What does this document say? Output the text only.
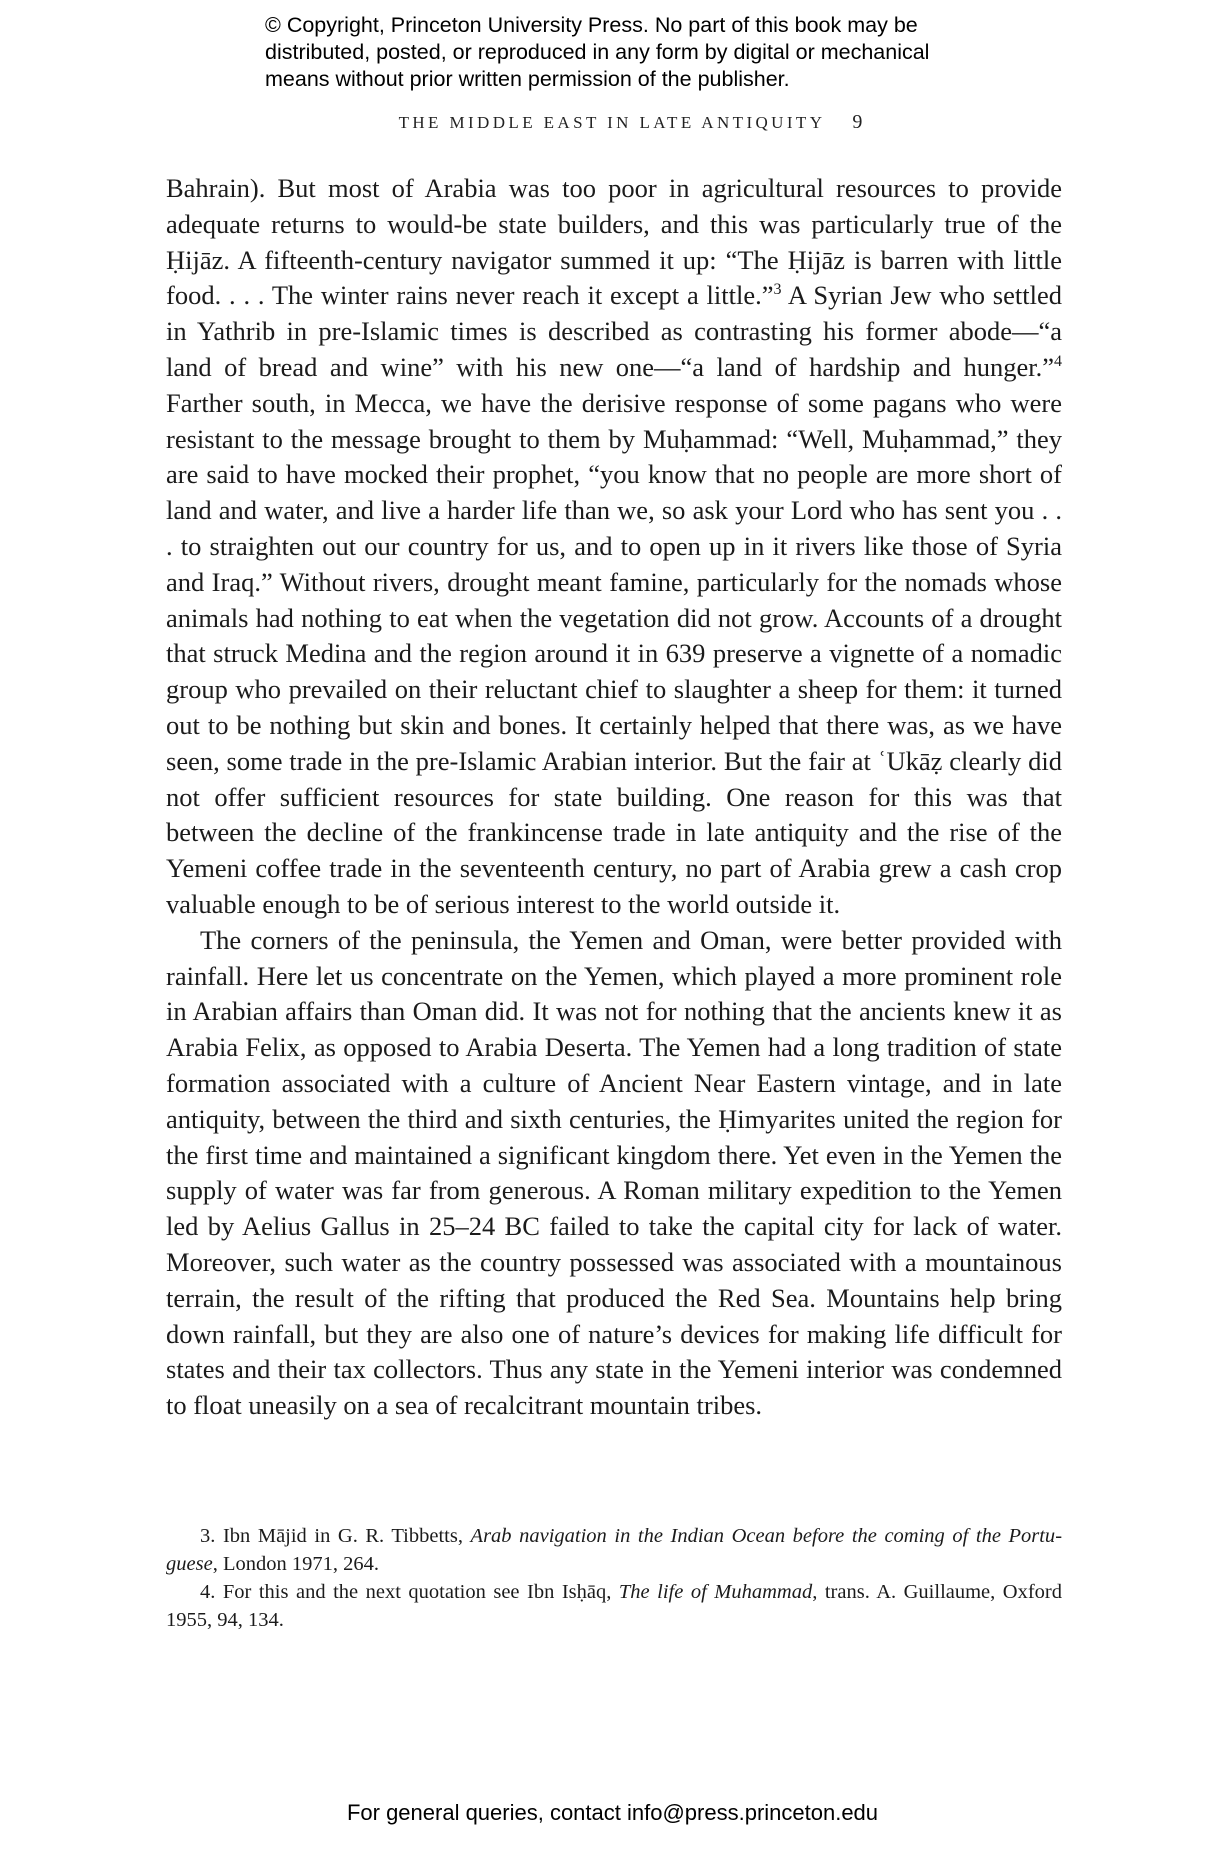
© Copyright, Princeton University Press. No part of this book may be
distributed, posted, or reproduced in any form by digital or mechanical
means without prior written permission of the publisher.
THE MIDDLE EAST IN LATE ANTIQUITY 9

Bahrain). But most of Arabia was too poor in agricultural resources to provide adequate returns to would-be state builders, and this was particularly true of the Ḥijāz. A fifteenth-century navigator summed it up: “The Ḥijāz is barren with little food. . . . The winter rains never reach it except a little.”$^3$ A Syrian Jew who settled in Yathrib in pre-Islamic times is described as contrasting his former abode—“a land of bread and wine” with his new one—“a land of hardship and hunger.”$^4$ Farther south, in Mecca, we have the derisive response of some pagans who were resistant to the message brought to them by Muḥammad: “Well, Muḥammad,” they are said to have mocked their prophet, “you know that no people are more short of land and water, and live a harder life than we, so ask your Lord who has sent you . . . to straighten out our country for us, and to open up in it rivers like those of Syria and Iraq.” Without rivers, drought meant famine, particularly for the nomads whose animals had nothing to eat when the vegetation did not grow. Accounts of a drought that struck Medina and the region around it in 639 preserve a vignette of a nomadic group who prevailed on their reluctant chief to slaughter a sheep for them: it turned out to be nothing but skin and bones. It certainly helped that there was, as we have seen, some trade in the pre-Islamic Arabian interior. But the fair at ʿUkāẓ clearly did not offer sufficient resources for state building. One reason for this was that between the decline of the frankincense trade in late antiquity and the rise of the Yemeni coffee trade in the seventeenth century, no part of Arabia grew a cash crop valuable enough to be of serious interest to the world outside it.

The corners of the peninsula, the Yemen and Oman, were better provided with rainfall. Here let us concentrate on the Yemen, which played a more prominent role in Arabian affairs than Oman did. It was not for nothing that the ancients knew it as Arabia Felix, as opposed to Arabia Deserta. The Yemen had a long tradition of state formation associated with a culture of Ancient Near Eastern vintage, and in late antiquity, between the third and sixth centuries, the Ḥimyarites united the region for the first time and maintained a significant kingdom there. Yet even in the Yemen the supply of water was far from generous. A Roman military expedition to the Yemen led by Aelius Gallus in 25–24 BC failed to take the capital city for lack of water. Moreover, such water as the country possessed was associated with a mountainous terrain, the result of the rifting that produced the Red Sea. Mountains help bring down rainfall, but they are also one of nature’s devices for making life difficult for states and their tax collectors. Thus any state in the Yemeni interior was condemned to float uneasily on a sea of recalcitrant mountain tribes.

3. Ibn Mājid in G. R. Tibbetts, Arab navigation in the Indian Ocean before the coming of the Portuguese, London 1971, 264.

4. For this and the next quotation see Ibn Isḥāq, The life of Muhammad, trans. A. Guillaume, Oxford 1955, 94, 134.

For general queries, contact info@press.princeton.edu
